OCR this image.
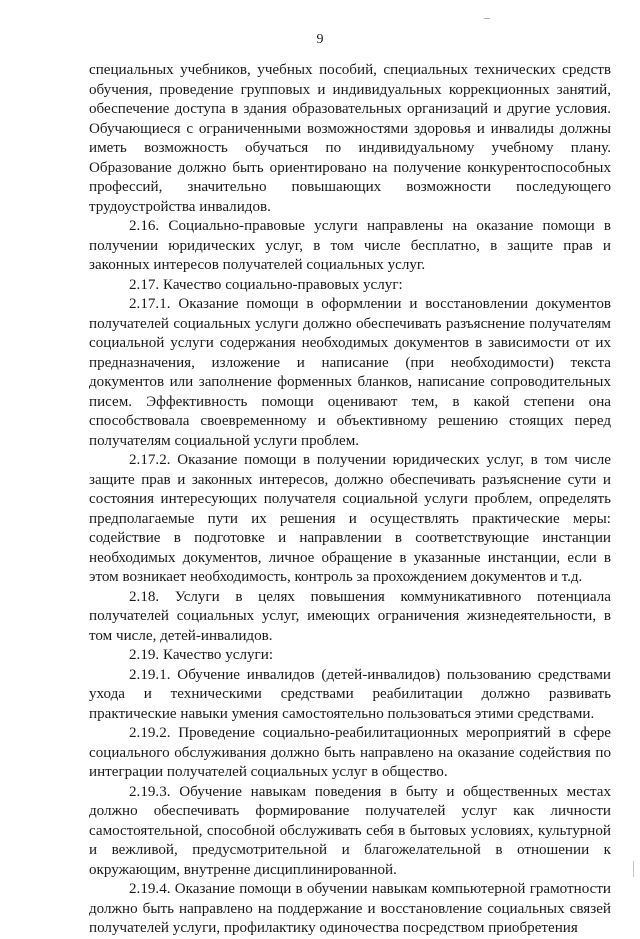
9

специальных учебников, учебных пособий, специальных технических средств обучения, проведение групповых и индивидуальных коррекционных занятий, обеспечение доступа в здания образовательных организаций и другие условия. Обучающиеся с ограниченными возможностями здоровья и инвалиды должны иметь возможность обучаться по индивидуальному учебному плану. Образование должно быть ориентировано на получение конкурентоспособных профессий, значительно повышающих возможности последующего трудоустройства инвалидов.

2.16. Социально-правовые услуги направлены на оказание помощи в получении юридических услуг, в том числе бесплатно, в защите прав и законных интересов получателей социальных услуг.

2.17. Качество социально-правовых услуг:

2.17.1. Оказание помощи в оформлении и восстановлении документов получателей социальных услуги должно обеспечивать разъяснение получателям социальной услуги содержания необходимых документов в зависимости от их предназначения, изложение и написание (при необходимости) текста документов или заполнение форменных бланков, написание сопроводительных писем. Эффективность помощи оценивают тем, в какой степени она способствовала своевременному и объективному решению стоящих перед получателям социальной услуги проблем.

2.17.2. Оказание помощи в получении юридических услуг, в том числе защите прав и законных интересов, должно обеспечивать разъяснение сути и состояния интересующих получателя социальной услуги проблем, определять предполагаемые пути их решения и осуществлять практические меры: содействие в подготовке и направлении в соответствующие инстанции необходимых документов, личное обращение в указанные инстанции, если в этом возникает необходимость, контроль за прохождением документов и т.д.

2.18. Услуги в целях повышения коммуникативного потенциала получателей социальных услуг, имеющих ограничения жизнедеятельности, в том числе, детей-инвалидов.

2.19. Качество услуги:

2.19.1. Обучение инвалидов (детей-инвалидов) пользованию средствами ухода и техническими средствами реабилитации должно развивать практические навыки умения самостоятельно пользоваться этими средствами.

2.19.2. Проведение социально-реабилитационных мероприятий в сфере социального обслуживания должно быть направлено на оказание содействия по интеграции получателей социальных услуг в общество.

2.19.3. Обучение навыкам поведения в быту и общественных местах должно обеспечивать формирование получателей услуг как личности самостоятельной, способной обслуживать себя в бытовых условиях, культурной и вежливой, предусмотрительной и благожелательной в отношении к окружающим, внутренне дисциплинированной.

2.19.4. Оказание помощи в обучении навыкам компьютерной грамотности должно быть направлено на поддержание и восстановление социальных связей получателей услуги, профилактику одиночества посредством приобретения
